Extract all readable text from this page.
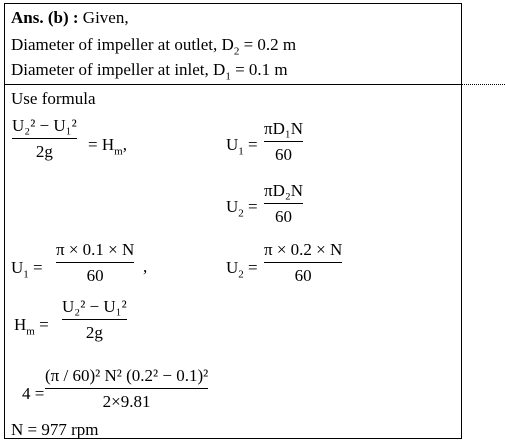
Ans. (b) : Given,
Diameter of impeller at outlet, $D_2 = 0.2$ m
Diameter of impeller at inlet, $D_1 = 0.1$ m
Use formula
U₂² − U₁²
2g	= $H_m$,	$U_1$ =
πD₁N
60
$U_2$ =
πD₂N
60
$U_1$ =
π × 0.1 × N
60	,	$U_2$ =
π × 0.2 × N
60
$H_m$ =
U₂² − U₁²
2g
4 =
(π / 60)² N² (0.2² − 0.1)²
2×9.81
N = 977 rpm
